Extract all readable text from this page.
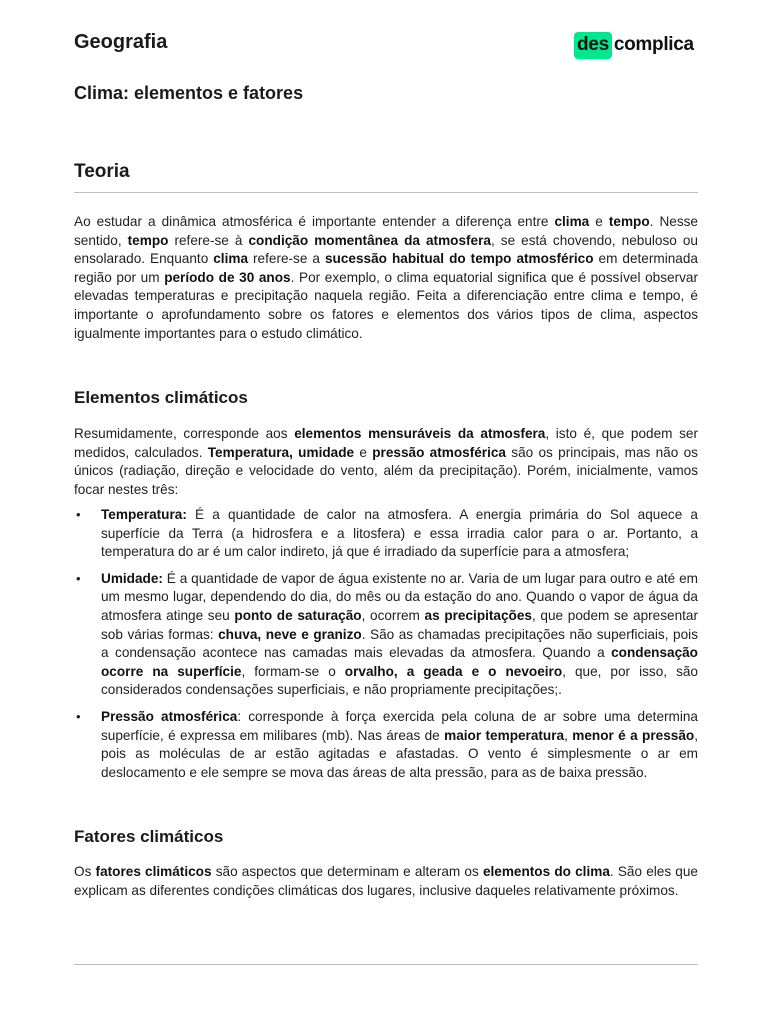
Geografia	des complica
Clima: elementos e fatores
Teoria

Ao estudar a dinâmica atmosférica é importante entender a diferença entre clima e tempo. Nesse sentido, tempo refere-se à condição momentânea da atmosfera, se está chovendo, nebuloso ou ensolarado. Enquanto clima refere-se a sucessão habitual do tempo atmosférico em determinada região por um período de 30 anos. Por exemplo, o clima equatorial significa que é possível observar elevadas temperaturas e precipitação naquela região. Feita a diferenciação entre clima e tempo, é importante o aprofundamento sobre os fatores e elementos dos vários tipos de clima, aspectos igualmente importantes para o estudo climático.

Elementos climáticos

Resumidamente, corresponde aos elementos mensuráveis da atmosfera, isto é, que podem ser medidos, calculados. Temperatura, umidade e pressão atmosférica são os principais, mas não os únicos (radiação, direção e velocidade do vento, além da precipitação). Porém, inicialmente, vamos focar nestes três:

• Temperatura: É a quantidade de calor na atmosfera. A energia primária do Sol aquece a superfície da Terra (a hidrosfera e a litosfera) e essa irradia calor para o ar. Portanto, a temperatura do ar é um calor indireto, já que é irradiado da superfície para a atmosfera;
• Umidade: É a quantidade de vapor de água existente no ar. Varia de um lugar para outro e até em um mesmo lugar, dependendo do dia, do mês ou da estação do ano. Quando o vapor de água da atmosfera atinge seu ponto de saturação, ocorrem as precipitações, que podem se apresentar sob várias formas: chuva, neve e granizo. São as chamadas precipitações não superficiais, pois a condensação acontece nas camadas mais elevadas da atmosfera. Quando a condensação ocorre na superfície, formam-se o orvalho, a geada e o nevoeiro, que, por isso, são considerados condensações superficiais, e não propriamente precipitações;.
• Pressão atmosférica: corresponde à força exercida pela coluna de ar sobre uma determina superfície, é expressa em milibares (mb). Nas áreas de maior temperatura, menor é a pressão, pois as moléculas de ar estão agitadas e afastadas. O vento é simplesmente o ar em deslocamento e ele sempre se mova das áreas de alta pressão, para as de baixa pressão.
Fatores climáticos

Os fatores climáticos são aspectos que determinam e alteram os elementos do clima. São eles que explicam as diferentes condições climáticas dos lugares, inclusive daqueles relativamente próximos.
